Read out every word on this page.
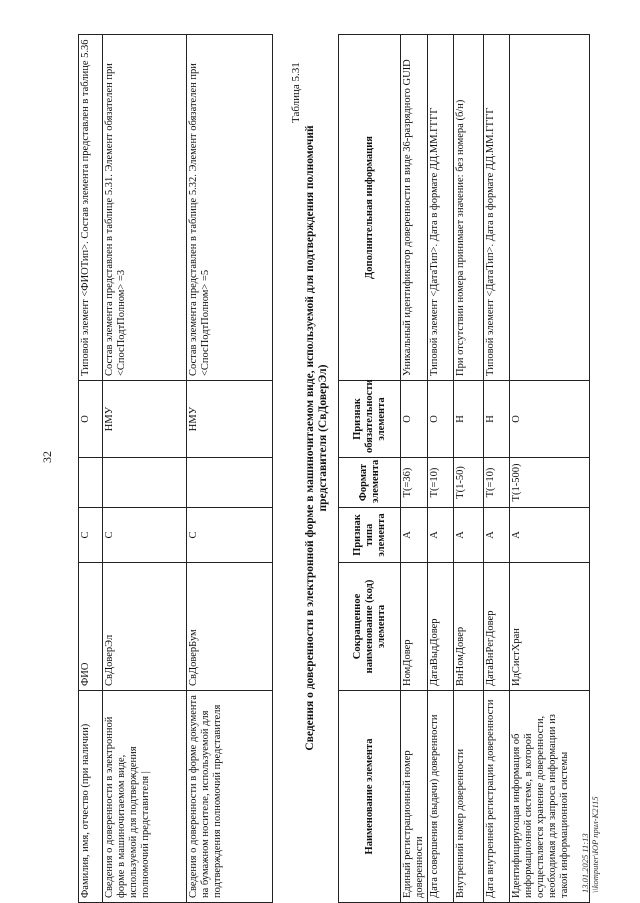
32
Фамилия, имя, отчество (при наличии)	ФИО	С		О	Типовой элемент <ФИОТип>. Состав элемента представлен в таблице 5.36
Сведения о доверенности в электронной форме в машиночитаемом виде, используемой для подтверждения полномочий представителя |	СвДоверЭл	С		НМУ	Состав элемента представлен в таблице 5.31. Элемент обязателен при <СпосПодтПолном> =3
Сведения о доверенности в форме документа на бумажном носителе, используемой для подтверждения полномочий представителя	СвДоверБум	С		НМУ	Состав элемента представлен в таблице 5.32. Элемент обязателен при <СпосПодтПолном> =5
Таблица 5.31
Сведения о доверенности в электронной форме в машиночитаемом виде, используемой для подтверждения полномочий представителя (СвДоверЭл)
Наименование элемента	Сокращенное наименование (код) элемента	Признак типа элемента	Формат элемента	Признак обязательности элемента	Дополнительная информация
Единый регистрационный номер доверенности	НомДовер	А	Т(=36)	О	Уникальный идентификатор доверенности в виде 36-разрядного GUID
Дата совершения (выдачи) доверенности	ДатаВыдДовер	А	Т(=10)	О	Типовой элемент <ДатаТип>. Дата в формате ДД.ММ.ГГГГ
Внутренний номер доверенности	ВнНомДовер	А	Т(1-50)	Н	При отсутствии номера принимает значение: без номера (б/н)
Дата внутренней регистрации доверенности	ДатаВнРегДовер	А	Т(=10)	Н	Типовой элемент <ДатаТип>. Дата в формате ДД.ММ.ГГГГ
Идентифицирующая информация об информационной системе, в которой осуществляется хранение доверенности, необходимая для запроса информации из такой информационной системы	ИдСистХран	А	Т(1-500)	О	
13.01.2025 11:13 \\komputer\ЮР прил-К2115
